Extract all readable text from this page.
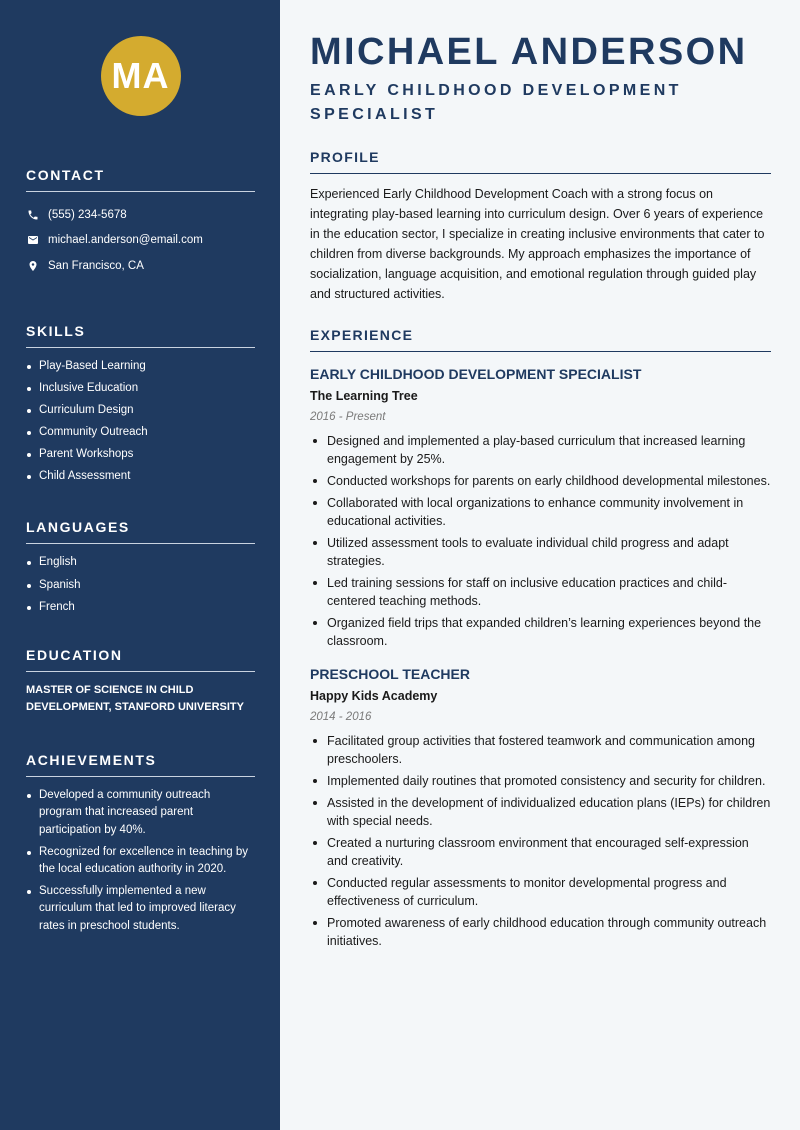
MA
CONTACT
(555) 234-5678
michael.anderson@email.com
San Francisco, CA
SKILLS
Play-Based Learning
Inclusive Education
Curriculum Design
Community Outreach
Parent Workshops
Child Assessment
LANGUAGES
English
Spanish
French
EDUCATION

MASTER OF SCIENCE IN CHILD DEVELOPMENT, STANFORD UNIVERSITY

ACHIEVEMENTS
Developed a community outreach program that increased parent participation by 40%.
Recognized for excellence in teaching by the local education authority in 2020.
Successfully implemented a new curriculum that led to improved literacy rates in preschool students.
MICHAEL ANDERSON
EARLY CHILDHOOD DEVELOPMENT SPECIALIST
PROFILE

Experienced Early Childhood Development Coach with a strong focus on integrating play-based learning into curriculum design. Over 6 years of experience in the education sector, I specialize in creating inclusive environments that cater to children from diverse backgrounds. My approach emphasizes the importance of socialization, language acquisition, and emotional regulation through guided play and structured activities.

EXPERIENCE
EARLY CHILDHOOD DEVELOPMENT SPECIALIST
The Learning Tree
2016 - Present
Designed and implemented a play-based curriculum that increased learning engagement by 25%.
Conducted workshops for parents on early childhood developmental milestones.
Collaborated with local organizations to enhance community involvement in educational activities.
Utilized assessment tools to evaluate individual child progress and adapt strategies.
Led training sessions for staff on inclusive education practices and child-centered teaching methods.
Organized field trips that expanded children’s learning experiences beyond the classroom.
PRESCHOOL TEACHER
Happy Kids Academy
2014 - 2016
Facilitated group activities that fostered teamwork and communication among preschoolers.
Implemented daily routines that promoted consistency and security for children.
Assisted in the development of individualized education plans (IEPs) for children with special needs.
Created a nurturing classroom environment that encouraged self-expression and creativity.
Conducted regular assessments to monitor developmental progress and effectiveness of curriculum.
Promoted awareness of early childhood education through community outreach initiatives.
